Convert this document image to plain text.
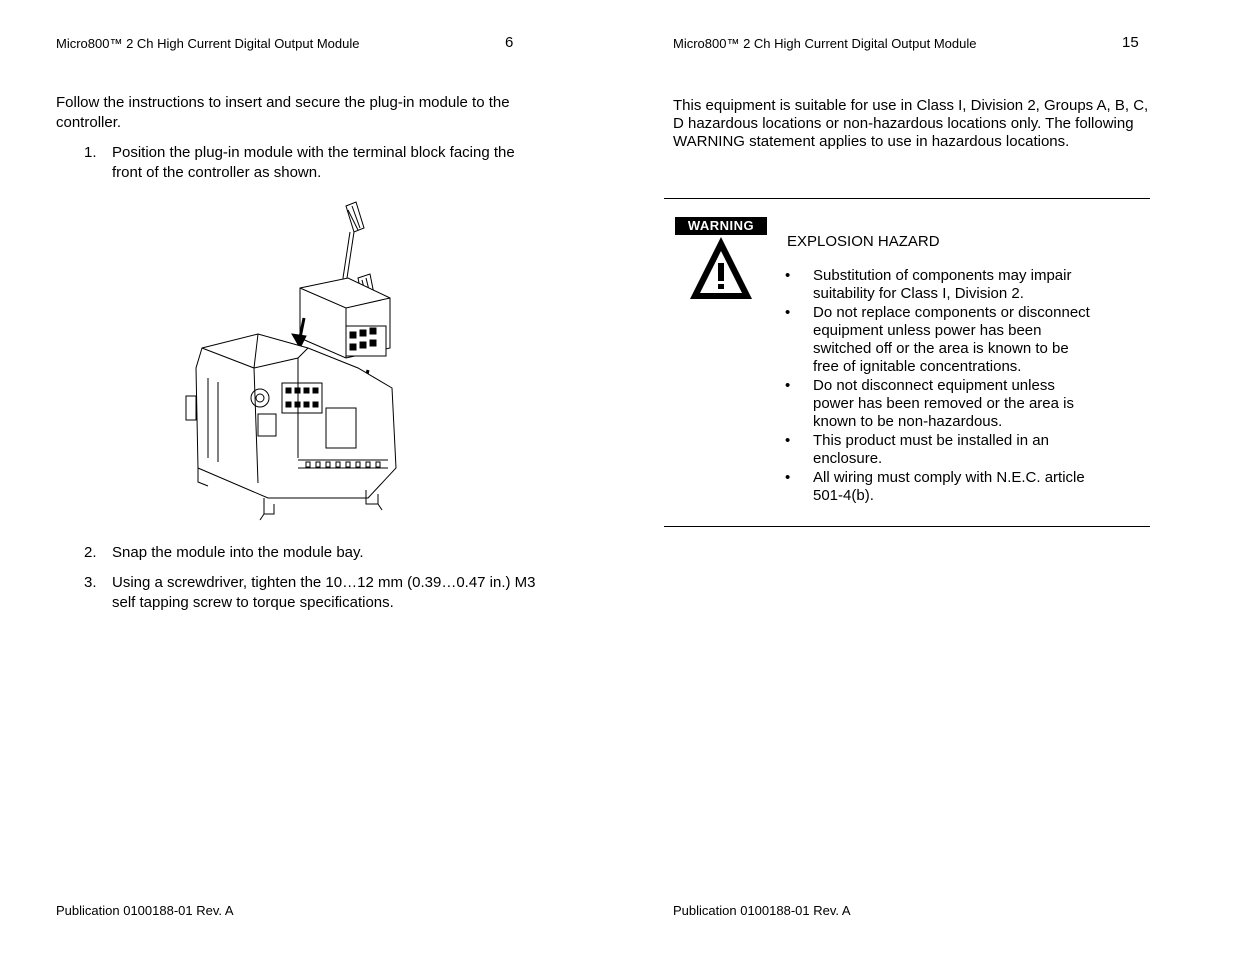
Micro800™ 2 Ch High Current Digital Output Module	6
Follow the instructions to insert and secure the plug-in module to the
controller.
1. Position the plug-in module with the terminal block facing the
front of the controller as shown.
2. Snap the module into the module bay.
3. Using a screwdriver, tighten the 10…12 mm (0.39…0.47 in.) M3
self tapping screw to torque specifications.
Publication 0100188-01 Rev. A
Micro800™ 2 Ch High Current Digital Output Module	15
This equipment is suitable for use in Class I, Division 2, Groups A, B, C,
D hazardous locations or non-hazardous locations only. The following
WARNING statement applies to use in hazardous locations.
WARNING
EXPLOSION HAZARD
• Substitution of components may impair
suitability for Class I, Division 2.
• Do not replace components or disconnect
equipment unless power has been
switched off or the area is known to be
free of ignitable concentrations.
• Do not disconnect equipment unless
power has been removed or the area is
known to be non-hazardous.
• This product must be installed in an
enclosure.
• All wiring must comply with N.E.C. article
501-4(b).
Publication 0100188-01 Rev. A
